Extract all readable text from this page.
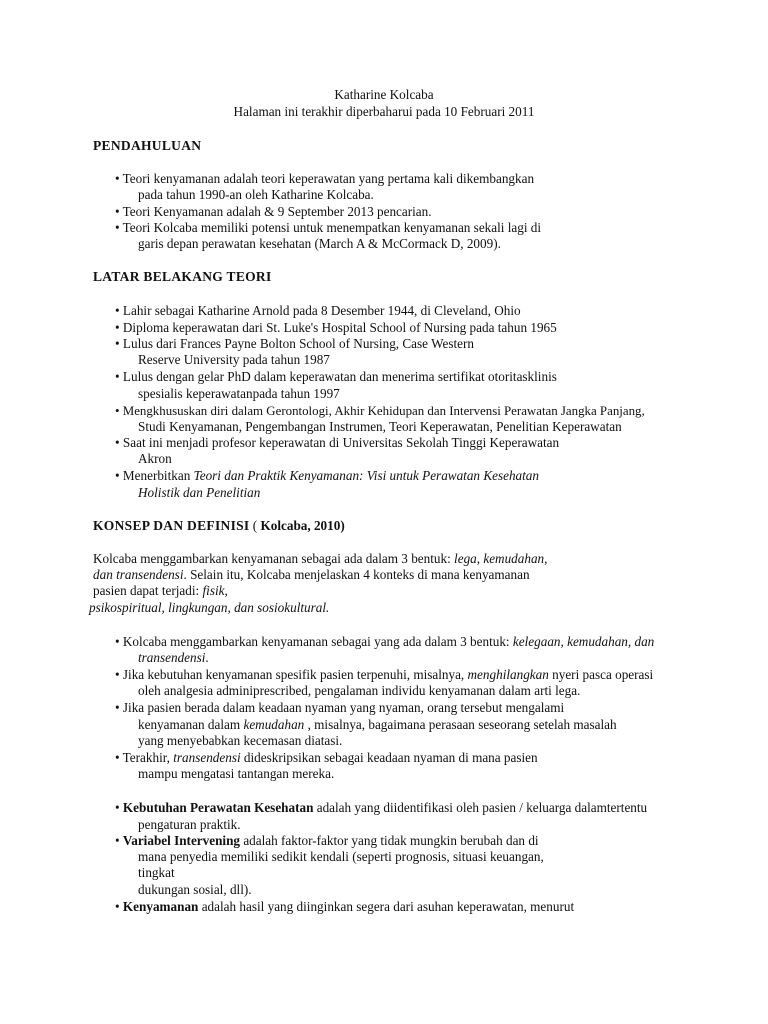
Katharine Kolcaba
Halaman ini terakhir diperbaharui pada 10 Februari 2011
PENDAHULUAN
• Teori kenyamanan adalah teori keperawatan yang pertama kali dikembangkan
pada tahun 1990-an oleh Katharine Kolcaba.
• Teori Kenyamanan adalah & 9 September 2013 pencarian.
• Teori Kolcaba memiliki potensi untuk menempatkan kenyamanan sekali lagi di
garis depan perawatan kesehatan (March A & McCormack D, 2009).
LATAR BELAKANG TEORI
• Lahir sebagai Katharine Arnold pada 8 Desember 1944, di Cleveland, Ohio
• Diploma keperawatan dari St. Luke's Hospital School of Nursing pada tahun 1965
• Lulus dari Frances Payne Bolton School of Nursing, Case Western
Reserve University pada tahun 1987
• Lulus dengan gelar PhD dalam keperawatan dan menerima sertifikat otoritasklinis
spesialis keperawatanpada tahun 1997
• Mengkhususkan diri dalam Gerontologi, Akhir Kehidupan dan Intervensi Perawatan Jangka Panjang,
Studi Kenyamanan, Pengembangan Instrumen, Teori Keperawatan, Penelitian Keperawatan
• Saat ini menjadi profesor keperawatan di Universitas Sekolah Tinggi Keperawatan
Akron
• Menerbitkan Teori dan Praktik Kenyamanan: Visi untuk Perawatan Kesehatan
Holistik dan Penelitian
KONSEP DAN DEFINISI ( Kolcaba, 2010)
Kolcaba menggambarkan kenyamanan sebagai ada dalam 3 bentuk: lega, kemudahan,
dan transendensi. Selain itu, Kolcaba menjelaskan 4 konteks di mana kenyamanan
pasien dapat terjadi: fisik,
psikospiritual, lingkungan, dan sosiokultural.
• Kolcaba menggambarkan kenyamanan sebagai yang ada dalam 3 bentuk: kelegaan, kemudahan, dan
transendensi.
• Jika kebutuhan kenyamanan spesifik pasien terpenuhi, misalnya, menghilangkan nyeri pasca operasi
oleh analgesia adminiprescribed, pengalaman individu kenyamanan dalam arti lega.
• Jika pasien berada dalam keadaan nyaman yang nyaman, orang tersebut mengalami
kenyamanan dalam kemudahan , misalnya, bagaimana perasaan seseorang setelah masalah
yang menyebabkan kecemasan diatasi.
• Terakhir, transendensi dideskripsikan sebagai keadaan nyaman di mana pasien
mampu mengatasi tantangan mereka.
• Kebutuhan Perawatan Kesehatan adalah yang diidentifikasi oleh pasien / keluarga dalamtertentu
pengaturan praktik.
• Variabel Intervening adalah faktor-faktor yang tidak mungkin berubah dan di
mana penyedia memiliki sedikit kendali (seperti prognosis, situasi keuangan,
tingkat
dukungan sosial, dll).
• Kenyamanan adalah hasil yang diinginkan segera dari asuhan keperawatan, menurut
